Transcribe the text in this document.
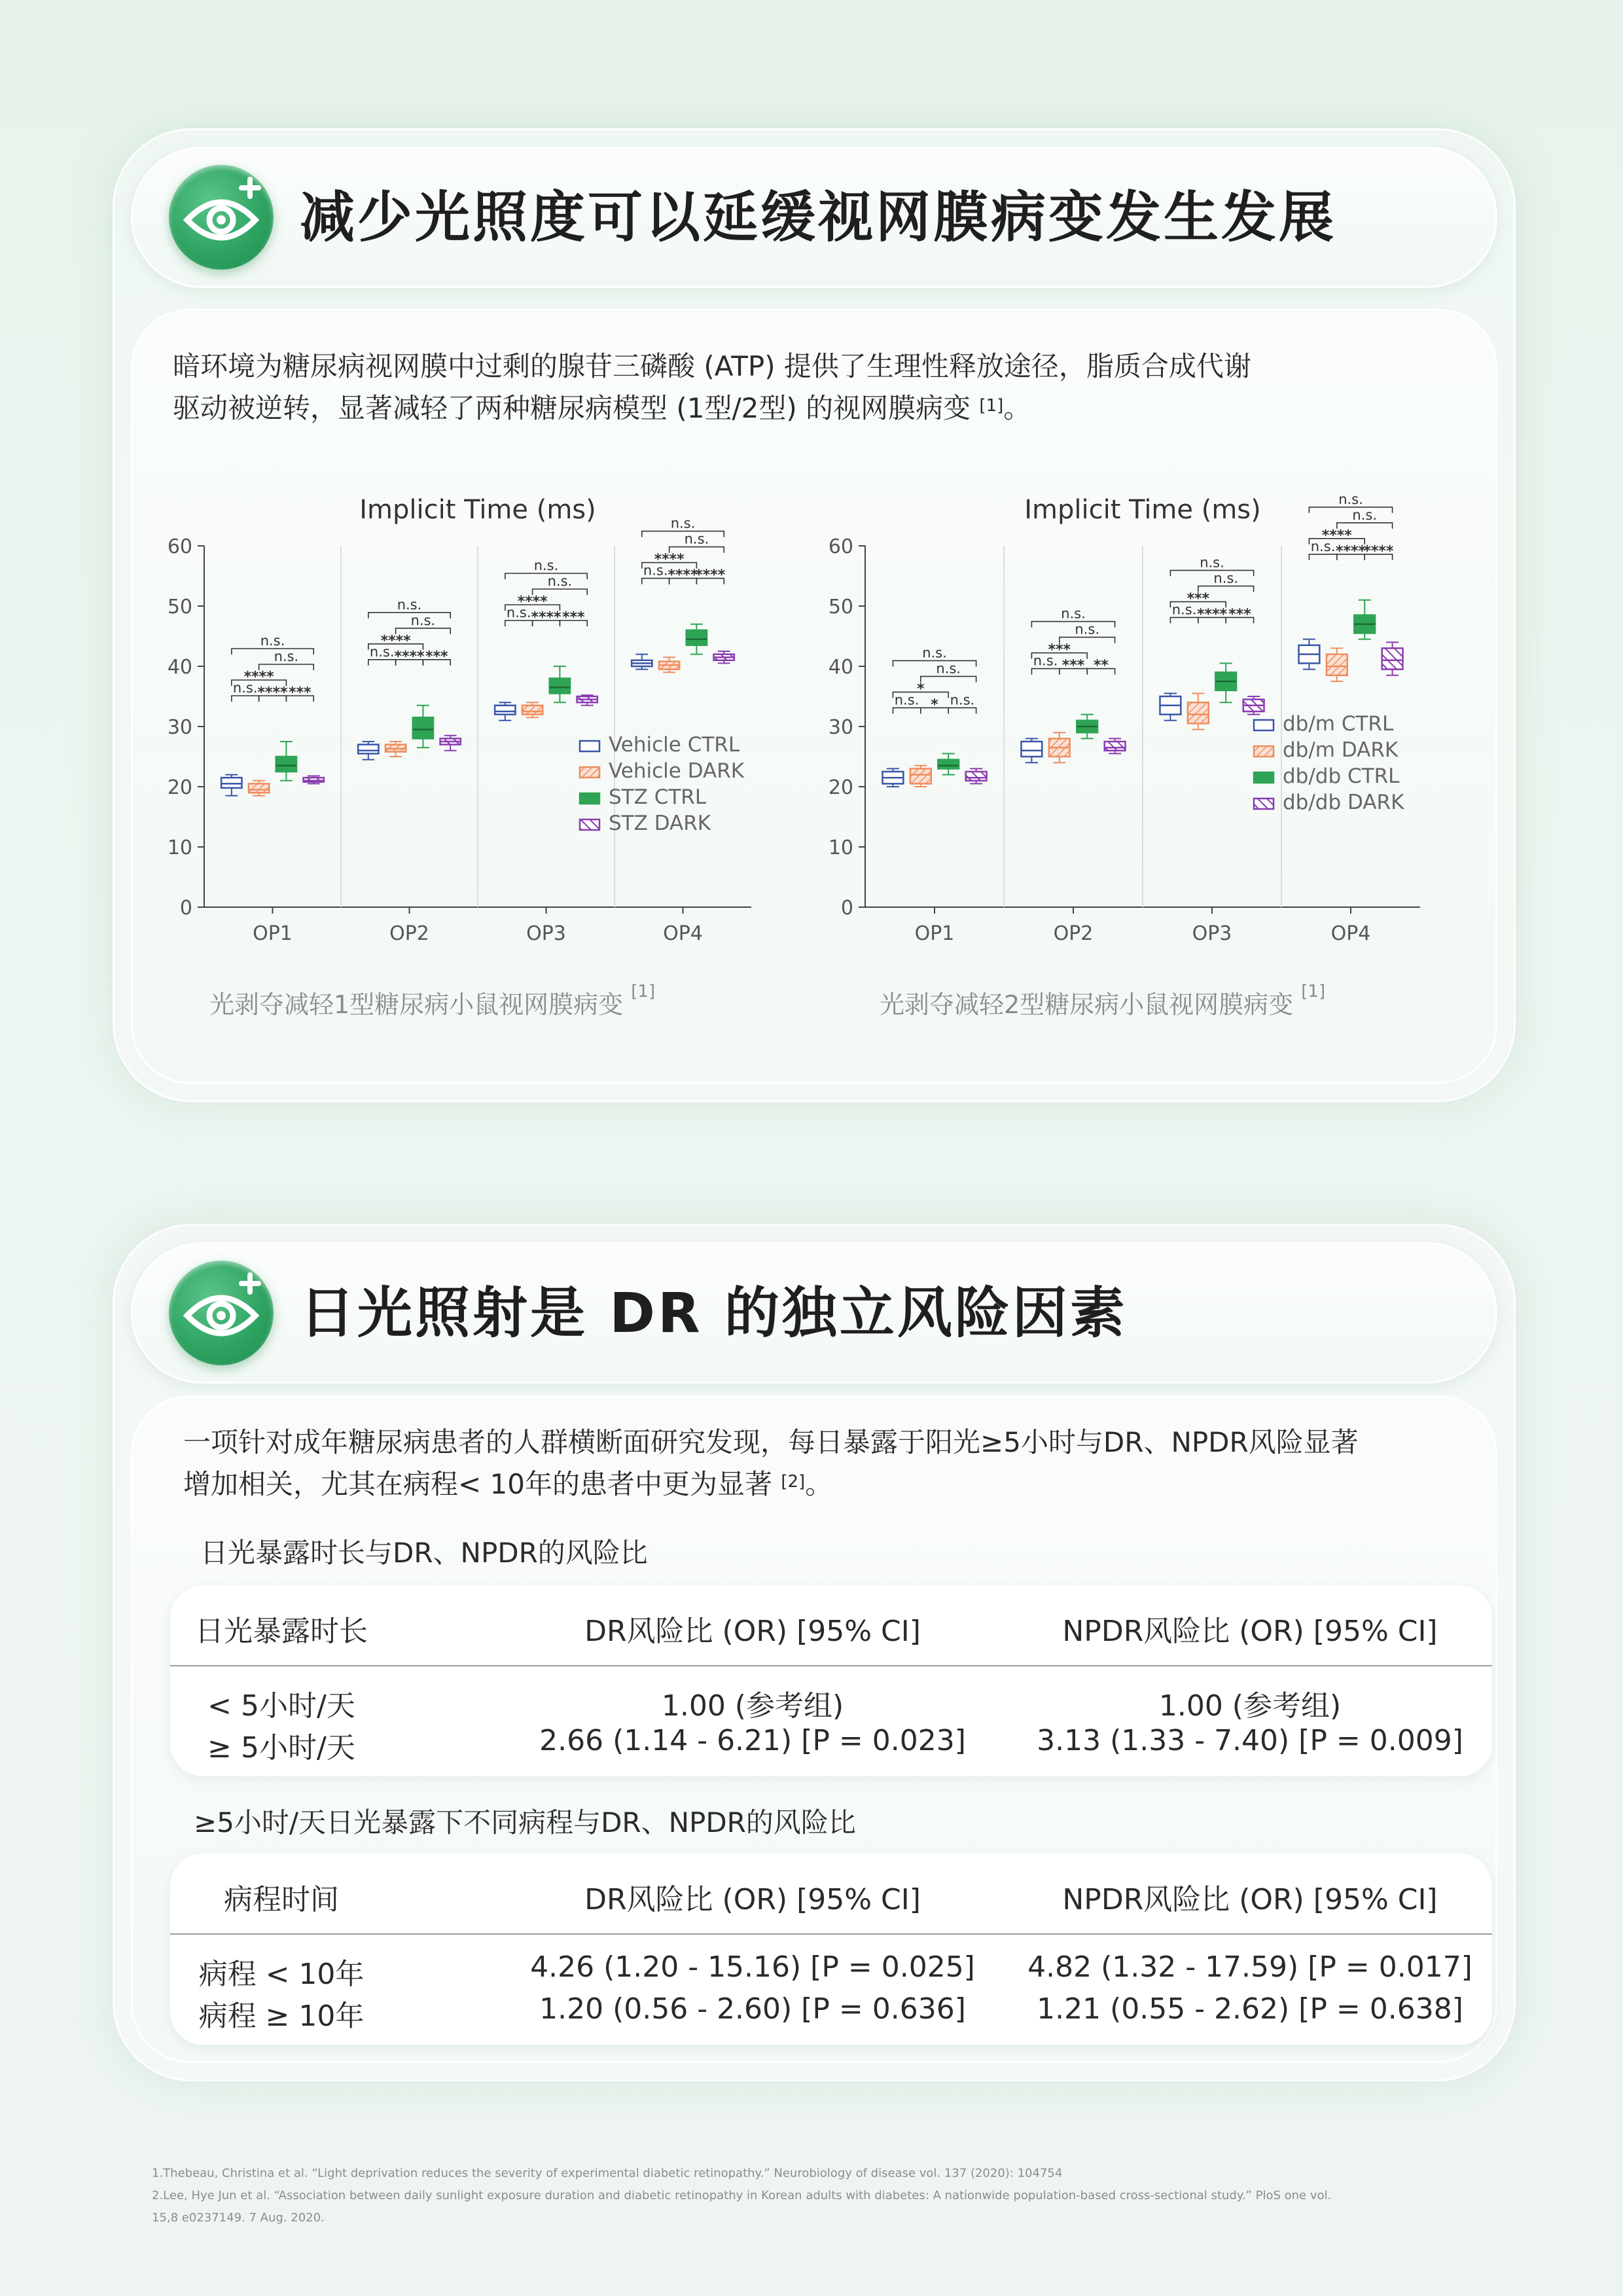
减少光照度可以延缓视网膜病变发生发展
暗环境为糖尿病视网膜中过剩的腺苷三磷酸 (ATP) 提供了生理性释放途径，脂质合成代谢
驱动被逆转，显著减轻了两种糖尿病模型 (1型/2型) 的视网膜病变 [1]。
Implicit Time (ms)
0
10
20
30
40
50
60
OP1	OP2	OP3	OP4
n.s.
n.s.
****
n.s. **** ***
n.s.
n.s.
****
n.s. **** ***
n.s.
n.s.
****
n.s. **** ***
n.s.
n.s.
****
n.s. ****
****
Vehicle CTRL
Vehicle DARK
STZ CTRL
STZ DARK
Implicit Time (ms)
0
10
20
30
40
50
60
OP1	OP2	OP3	OP4
n.s.
n.s.
*
n.s. * n.s.
n.s.
n.s.
***
n.s. *** **
n.s.
n.s.
***
n.s. **** ***
n.s.
n.s.
****
n.s. ****
****
db/m CTRL
db/m DARK
db/db CTRL
db/db DARK
光剥夺减轻1型糖尿病小鼠视网膜病变 [1]	光剥夺减轻2型糖尿病小鼠视网膜病变 [1]
日光照射是 DR 的独立风险因素
一项针对成年糖尿病患者的人群横断面研究发现，每日暴露于阳光≥5小时与DR、NPDR风险显著
增加相关，尤其在病程< 10年的患者中更为显著 [2]。
日光暴露时长与DR、NPDR的风险比
日光暴露时长	DR风险比 (OR) [95% CI]	NPDR风险比 (OR) [95% CI]
< 5小时/天	1.00 (参考组)	1.00 (参考组)
≥ 5小时/天	2.66 (1.14 - 6.21) [P = 0.023]	3.13 (1.33 - 7.40) [P = 0.009]
≥5小时/天日光暴露下不同病程与DR、NPDR的风险比
病程时间	DR风险比 (OR) [95% CI]	NPDR风险比 (OR) [95% CI]
病程 < 10年	4.26 (1.20 - 15.16) [P = 0.025]	4.82 (1.32 - 17.59) [P = 0.017]
病程 ≥ 10年	1.20 (0.56 - 2.60) [P = 0.636]	1.21 (0.55 - 2.62) [P = 0.638]
1.Thebeau, Christina et al. “Light deprivation reduces the severity of experimental diabetic retinopathy.” Neurobiology of disease vol. 137 (2020): 104754
2.Lee, Hye Jun et al. “Association between daily sunlight exposure duration and diabetic retinopathy in Korean adults with diabetes: A nationwide population-based cross-sectional study.” PloS one vol.
15,8 e0237149. 7 Aug. 2020.
